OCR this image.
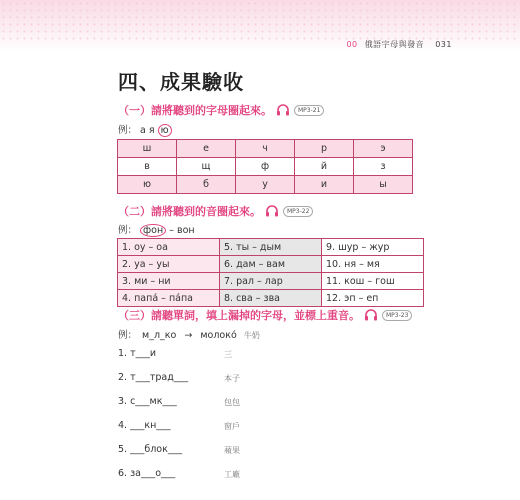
00 俄語字母與發音 031
四、成果驗收
（一）請將聽到的字母圈起來。	MP3-21
例： а я ю
ш	е	ч	р	э
в	щ	ф	й	з
ю	б	у	и	ы
（二）請將聽到的音圈起來。	MP3-22
例： фон – вон
1. оу – оа	5. ты – дым	9. шур – жур
2. уа – уы	6. дам – вам	10. ня – мя
3. ми – ни	7. рал – лар	11. кош – гош
4. папа́ – па́па	8. сва – зва	12. эп – еп
（三）請聽單詞，填上漏掉的字母，並標上重音。	MP3-23
例： м_л_ко → молоко́ 牛奶
1. т___и	三
2. т___трад___	本子
3. с___мк___	包包
4. ___кн___	窗戶
5. ___блок___	蘋果
6. за___о___	工廠
